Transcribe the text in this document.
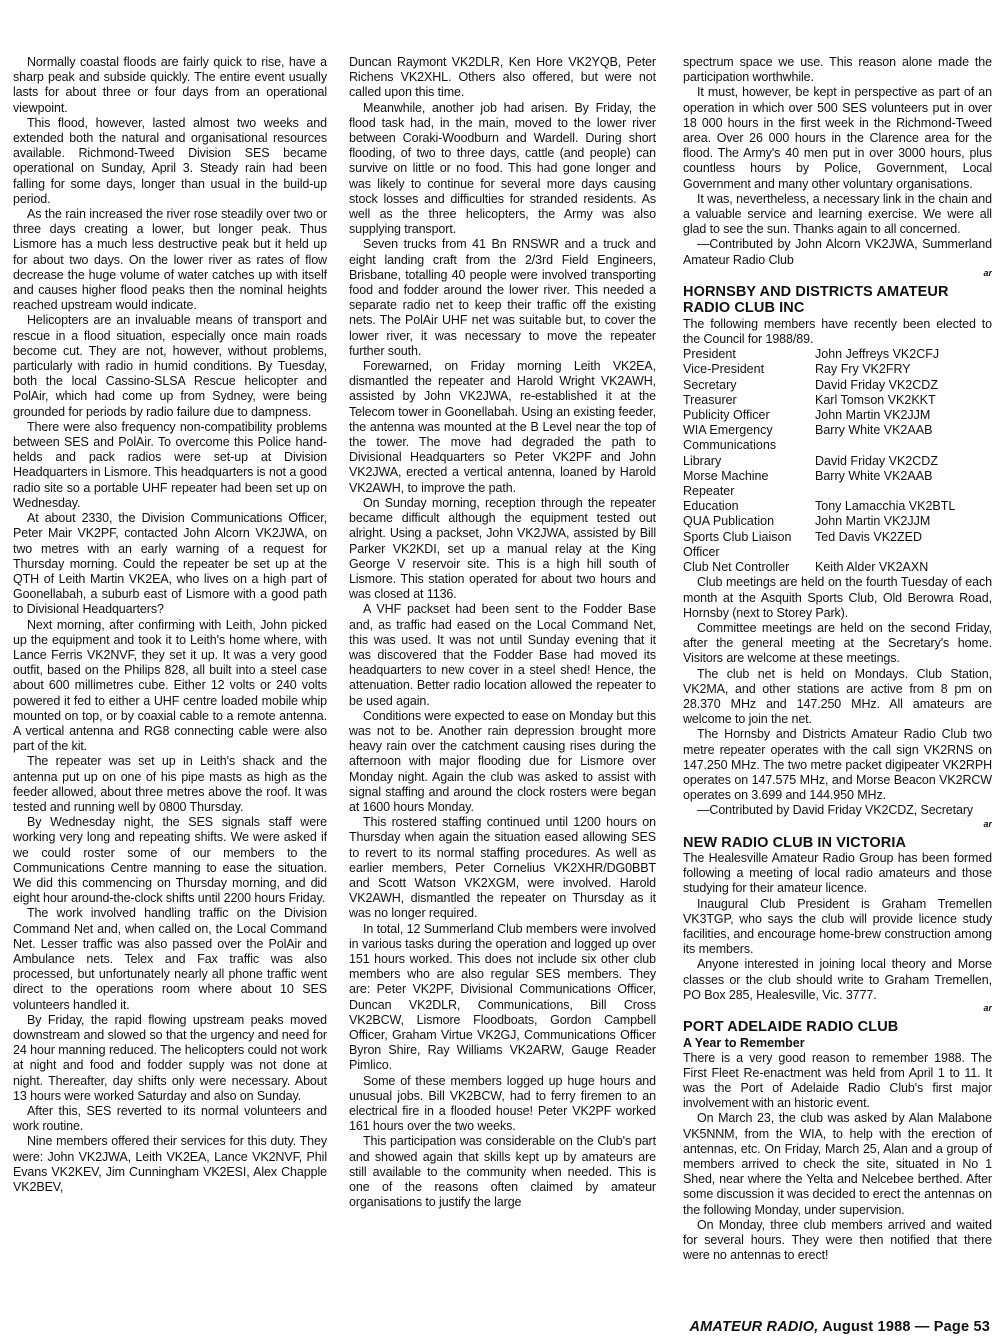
Normally coastal floods are fairly quick to rise, have a sharp peak and subside quickly. The entire event usually lasts for about three or four days from an operational viewpoint.

This flood, however, lasted almost two weeks and extended both the natural and organisational resources available. Richmond-Tweed Division SES became operational on Sunday, April 3. Steady rain had been falling for some days, longer than usual in the build-up period.

As the rain increased the river rose steadily over two or three days creating a lower, but longer peak. Thus Lismore has a much less destructive peak but it held up for about two days. On the lower river as rates of flow decrease the huge volume of water catches up with itself and causes higher flood peaks then the nominal heights reached upstream would indicate.

Helicopters are an invaluable means of transport and rescue in a flood situation, especially once main roads become cut. They are not, however, without problems, particularly with radio in humid conditions. By Tuesday, both the local Cassino-SLSA Rescue helicopter and PolAir, which had come up from Sydney, were being grounded for periods by radio failure due to dampness.

There were also frequency non-compatibility problems between SES and PolAir. To overcome this Police hand-helds and pack radios were set-up at Division Headquarters in Lismore. This headquarters is not a good radio site so a portable UHF repeater had been set up on Wednesday.

At about 2330, the Division Communications Officer, Peter Mair VK2PF, contacted John Alcorn VK2JWA, on two metres with an early warning of a request for Thursday morning. Could the repeater be set up at the QTH of Leith Martin VK2EA, who lives on a high part of Goonellabah, a suburb east of Lismore with a good path to Divisional Headquarters?

Next morning, after confirming with Leith, John picked up the equipment and took it to Leith's home where, with Lance Ferris VK2NVF, they set it up. It was a very good outfit, based on the Philips 828, all built into a steel case about 600 millimetres cube. Either 12 volts or 240 volts powered it fed to either a UHF centre loaded mobile whip mounted on top, or by coaxial cable to a remote antenna. A vertical antenna and RG8 connecting cable were also part of the kit.

The repeater was set up in Leith's shack and the antenna put up on one of his pipe masts as high as the feeder allowed, about three metres above the roof. It was tested and running well by 0800 Thursday.

By Wednesday night, the SES signals staff were working very long and repeating shifts. We were asked if we could roster some of our members to the Communications Centre manning to ease the situation. We did this commencing on Thursday morning, and did eight hour around-the-clock shifts until 2200 hours Friday.

The work involved handling traffic on the Division Command Net and, when called on, the Local Command Net. Lesser traffic was also passed over the PolAir and Ambulance nets. Telex and Fax traffic was also processed, but unfortunately nearly all phone traffic went direct to the operations room where about 10 SES volunteers handled it.

By Friday, the rapid flowing upstream peaks moved downstream and slowed so that the urgency and need for 24 hour manning reduced. The helicopters could not work at night and food and fodder supply was not done at night. Thereafter, day shifts only were necessary. About 13 hours were worked Saturday and also on Sunday.

After this, SES reverted to its normal volunteers and work routine.

Nine members offered their services for this duty. They were: John VK2JWA, Leith VK2EA, Lance VK2NVF, Phil Evans VK2KEV, Jim Cunningham VK2ESI, Alex Chapple VK2BEV,

Duncan Raymont VK2DLR, Ken Hore VK2YQB, Peter Richens VK2XHL. Others also offered, but were not called upon this time.

Meanwhile, another job had arisen. By Friday, the flood task had, in the main, moved to the lower river between Coraki-Woodburn and Wardell. During short flooding, of two to three days, cattle (and people) can survive on little or no food. This had gone longer and was likely to continue for several more days causing stock losses and difficulties for stranded residents. As well as the three helicopters, the Army was also supplying transport.

Seven trucks from 41 Bn RNSWR and a truck and eight landing craft from the 2/3rd Field Engineers, Brisbane, totalling 40 people were involved transporting food and fodder around the lower river. This needed a separate radio net to keep their traffic off the existing nets. The PolAir UHF net was suitable but, to cover the lower river, it was necessary to move the repeater further south.

Forewarned, on Friday morning Leith VK2EA, dismantled the repeater and Harold Wright VK2AWH, assisted by John VK2JWA, re-established it at the Telecom tower in Goonellabah. Using an existing feeder, the antenna was mounted at the B Level near the top of the tower. The move had degraded the path to Divisional Headquarters so Peter VK2PF and John VK2JWA, erected a vertical antenna, loaned by Harold VK2AWH, to improve the path.

On Sunday morning, reception through the repeater became difficult although the equipment tested out alright. Using a packset, John VK2JWA, assisted by Bill Parker VK2KDI, set up a manual relay at the King George V reservoir site. This is a high hill south of Lismore. This station operated for about two hours and was closed at 1136.

A VHF packset had been sent to the Fodder Base and, as traffic had eased on the Local Command Net, this was used. It was not until Sunday evening that it was discovered that the Fodder Base had moved its headquarters to new cover in a steel shed! Hence, the attenuation. Better radio location allowed the repeater to be used again.

Conditions were expected to ease on Monday but this was not to be. Another rain depression brought more heavy rain over the catchment causing rises during the afternoon with major flooding due for Lismore over Monday night. Again the club was asked to assist with signal staffing and around the clock rosters were began at 1600 hours Monday.

This rostered staffing continued until 1200 hours on Thursday when again the situation eased allowing SES to revert to its normal staffing procedures. As well as earlier members, Peter Cornelius VK2XHR/DG0BBT and Scott Watson VK2XGM, were involved. Harold VK2AWH, dismantled the repeater on Thursday as it was no longer required.

In total, 12 Summerland Club members were involved in various tasks during the operation and logged up over 151 hours worked. This does not include six other club members who are also regular SES members. They are: Peter VK2PF, Divisional Communications Officer, Duncan VK2DLR, Communications, Bill Cross VK2BCW, Lismore Floodboats, Gordon Campbell Officer, Graham Virtue VK2GJ, Communications Officer Byron Shire, Ray Williams VK2ARW, Gauge Reader Pimlico.

Some of these members logged up huge hours and unusual jobs. Bill VK2BCW, had to ferry firemen to an electrical fire in a flooded house! Peter VK2PF worked 161 hours over the two weeks.

This participation was considerable on the Club's part and showed again that skills kept up by amateurs are still available to the community when needed. This is one of the reasons often claimed by amateur organisations to justify the large

spectrum space we use. This reason alone made the participation worthwhile.

It must, however, be kept in perspective as part of an operation in which over 500 SES volunteers put in over 18 000 hours in the first week in the Richmond-Tweed area. Over 26 000 hours in the Clarence area for the flood. The Army's 40 men put in over 3000 hours, plus countless hours by Police, Government, Local Government and many other voluntary organisations.

It was, nevertheless, a necessary link in the chain and a valuable service and learning exercise. We were all glad to see the sun. Thanks again to all concerned.

—Contributed by John Alcorn VK2JWA, Summerland Amateur Radio Club

ar
HORNSBY AND DISTRICTS AMATEUR RADIO CLUB INC

The following members have recently been elected to the Council for 1988/89.

President	John Jeffreys VK2CFJ
Vice-President	Ray Fry VK2FRY
Secretary	David Friday VK2CDZ
Treasurer	Karl Tomson VK2KKT
Publicity Officer	John Martin VK2JJM
WIA Emergency Communications	Barry White VK2AAB
Library	David Friday VK2CDZ
Morse Machine Repeater	Barry White VK2AAB
Education	Tony Lamacchia VK2BTL
QUA Publication	John Martin VK2JJM
Sports Club Liaison Officer	Ted Davis VK2ZED
Club Net Controller	Keith Alder VK2AXN

Club meetings are held on the fourth Tuesday of each month at the Asquith Sports Club, Old Berowra Road, Hornsby (next to Storey Park).

Committee meetings are held on the second Friday, after the general meeting at the Secretary's home. Visitors are welcome at these meetings.

The club net is held on Mondays. Club Station, VK2MA, and other stations are active from 8 pm on 28.370 MHz and 147.250 MHz. All amateurs are welcome to join the net.

The Hornsby and Districts Amateur Radio Club two metre repeater operates with the call sign VK2RNS on 147.250 MHz. The two metre packet digipeater VK2RPH operates on 147.575 MHz, and Morse Beacon VK2RCW operates on 3.699 and 144.950 MHz.

—Contributed by David Friday VK2CDZ, Secretary

ar
NEW RADIO CLUB IN VICTORIA

The Healesville Amateur Radio Group has been formed following a meeting of local radio amateurs and those studying for their amateur licence.

Inaugural Club President is Graham Tremellen VK3TGP, who says the club will provide licence study facilities, and encourage home-brew construction among its members.

Anyone interested in joining local theory and Morse classes or the club should write to Graham Tremellen, PO Box 285, Healesville, Vic. 3777.

ar
PORT ADELAIDE RADIO CLUB
A Year to Remember

There is a very good reason to remember 1988. The First Fleet Re-enactment was held from April 1 to 11. It was the Port of Adelaide Radio Club's first major involvement with an historic event.

On March 23, the club was asked by Alan Malabone VK5NNM, from the WIA, to help with the erection of antennas, etc. On Friday, March 25, Alan and a group of members arrived to check the site, situated in No 1 Shed, near where the Yelta and Nelcebee berthed. After some discussion it was decided to erect the antennas on the following Monday, under supervision.

On Monday, three club members arrived and waited for several hours. They were then notified that there were no antennas to erect!

AMATEUR RADIO, August 1988 — Page 53
